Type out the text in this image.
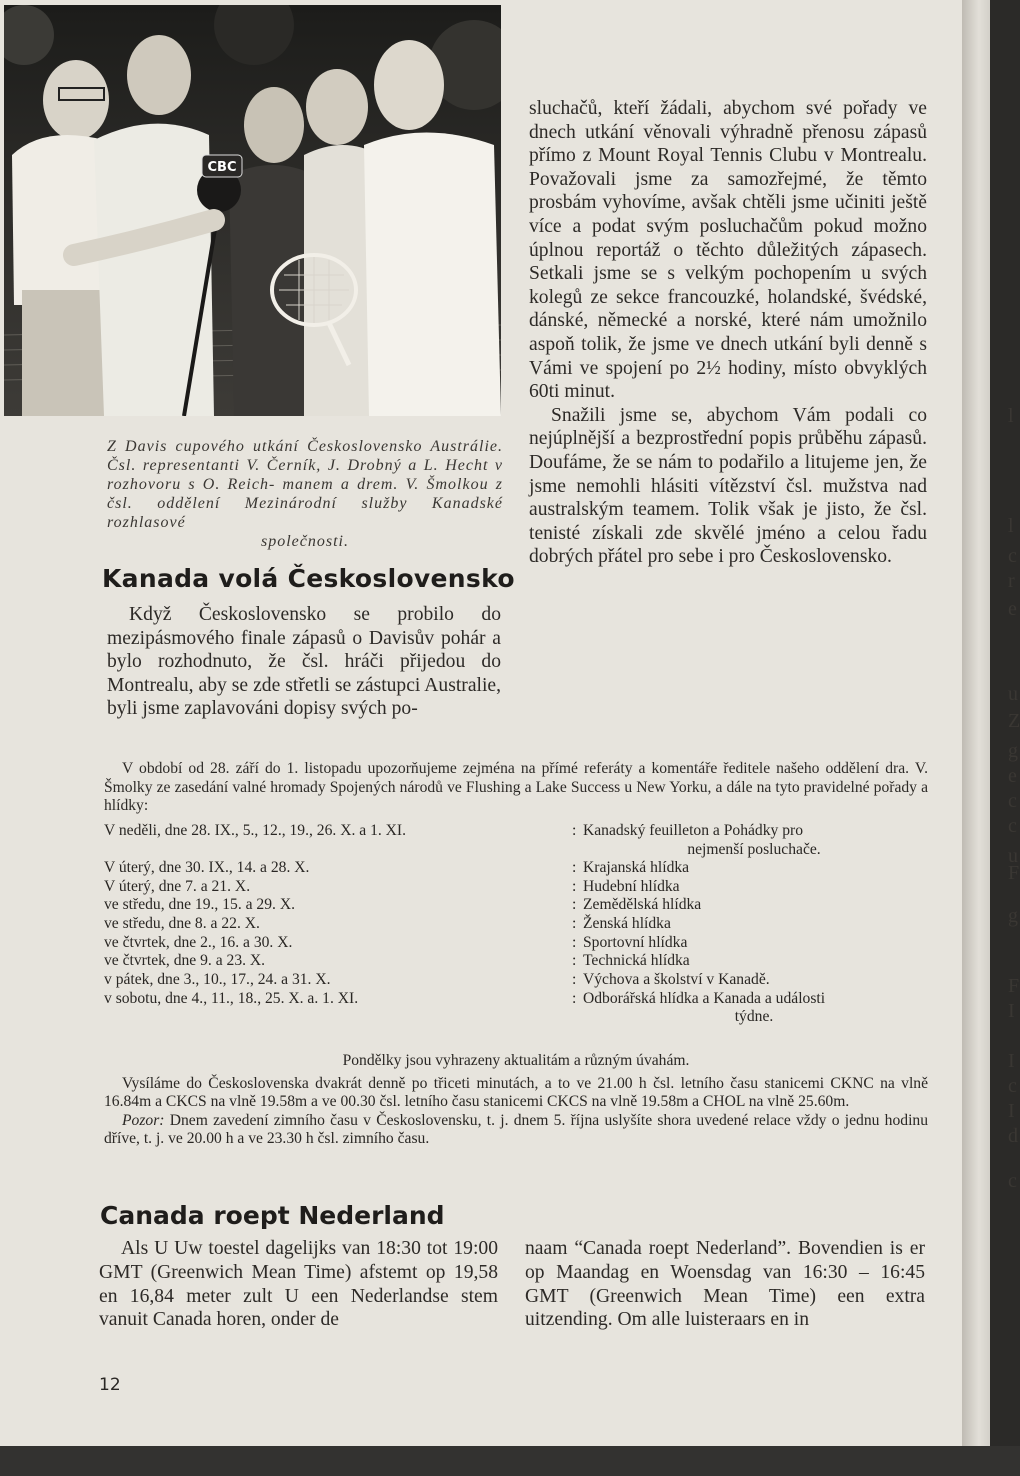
CBC
Z Davis cupového utkání Československo Austrálie. Čsl. representanti V. Černík, J. Drobný a L. Hecht v rozhovoru s O. Reich- manem a drem. V. Šmolkou z čsl. oddělení Mezinárodní služby Kanadské rozhlasové
společnosti.
Kanada volá Československo

Když Československo se probilo do mezipásmového finale zápasů o Davisův pohár a bylo rozhodnuto, že čsl. hráči přijedou do Montrealu, aby se zde střetli se zástupci Australie, byli jsme zaplavováni dopisy svých po-

sluchačů, kteří žádali, abychom své pořady ve dnech utkání věnovali výhradně přenosu zápasů přímo z Mount Royal Tennis Clubu v Montrealu. Považovali jsme za samozřejmé, že těmto prosbám vyhovíme, avšak chtěli jsme učiniti ještě více a podat svým posluchačům pokud možno úplnou reportáž o těchto důležitých zápasech. Setkali jsme se s velkým pochopením u svých kolegů ze sekce francouzké, holandské, švédské, dánské, německé a norské, které nám umožnilo aspoň tolik, že jsme ve dnech utkání byli denně s Vámi ve spojení po 2½ hodiny, místo obvyklých 60ti minut.

Snažili jsme se, abychom Vám podali co nejúplnější a bezprostřední popis průběhu zápasů. Doufáme, že se nám to podařilo a litujeme jen, že jsme nemohli hlásiti vítězství čsl. mužstva nad australským teamem. Tolik však je jisto, že čsl. tenisté získali zde skvělé jméno a celou řadu dobrých přátel pro sebe i pro Československo.

V období od 28. září do 1. listopadu upozorňujeme zejména na přímé referáty a komentáře ředitele našeho oddělení dra. V. Šmolky ze zasedání valné hromady Spojených národů ve Flushing a Lake Success u New Yorku, a dále na tyto pravidelné pořady a hlídky:

V neděli, dne 28. IX., 5., 12., 19., 26. X. a 1. XI.	: Kanadský feuilleton a Pohádky pro
nejmenší posluchače.
V úterý, dne 30. IX., 14. a 28. X.	: Krajanská hlídka
V úterý, dne 7. a 21. X.	: Hudební hlídka
ve středu, dne 19., 15. a 29. X.	: Zemědělská hlídka
ve středu, dne 8. a 22. X.	: Ženská hlídka
ve čtvrtek, dne 2., 16. a 30. X.	: Sportovní hlídka
ve čtvrtek, dne 9. a 23. X.	: Technická hlídka
v pátek, dne 3., 10., 17., 24. a 31. X.	: Výchova a školství v Kanadě.
v sobotu, dne 4., 11., 18., 25. X. a. 1. XI.	: Odborářská hlídka a Kanada a události
týdne.

Pondělky jsou vyhrazeny aktualitám a různým úvahám.

Vysíláme do Československa dvakrát denně po třiceti minutách, a to ve 21.00 h čsl. letního času stanicemi CKNC na vlně 16.84m a CKCS na vlně 19.58m a ve 00.30 čsl. letního času stanicemi CKCS na vlně 19.58m a CHOL na vlně 25.60m.

Pozor: Dnem zavedení zimního času v Československu, t. j. dnem 5. října uslyšíte shora uvedené relace vždy o jednu hodinu dříve, t. j. ve 20.00 h a ve 23.30 h čsl. zimního času.

Canada roept Nederland

Als U Uw toestel dagelijks van 18:30 tot 19:00 GMT (Greenwich Mean Time) afstemt op 19,58 en 16,84 meter zult U een Nederlandse stem vanuit Canada horen, onder de

naam “Canada roept Nederland”. Bovendien is er op Maandag en Woensdag van 16:30 – 16:45 GMT (Greenwich Mean Time) een extra uitzending. Om alle luisteraars en in

12
l
l
c
r
e
u
Z
g
e
c
c
u
F
g
F
I
I
c
I
d
c
